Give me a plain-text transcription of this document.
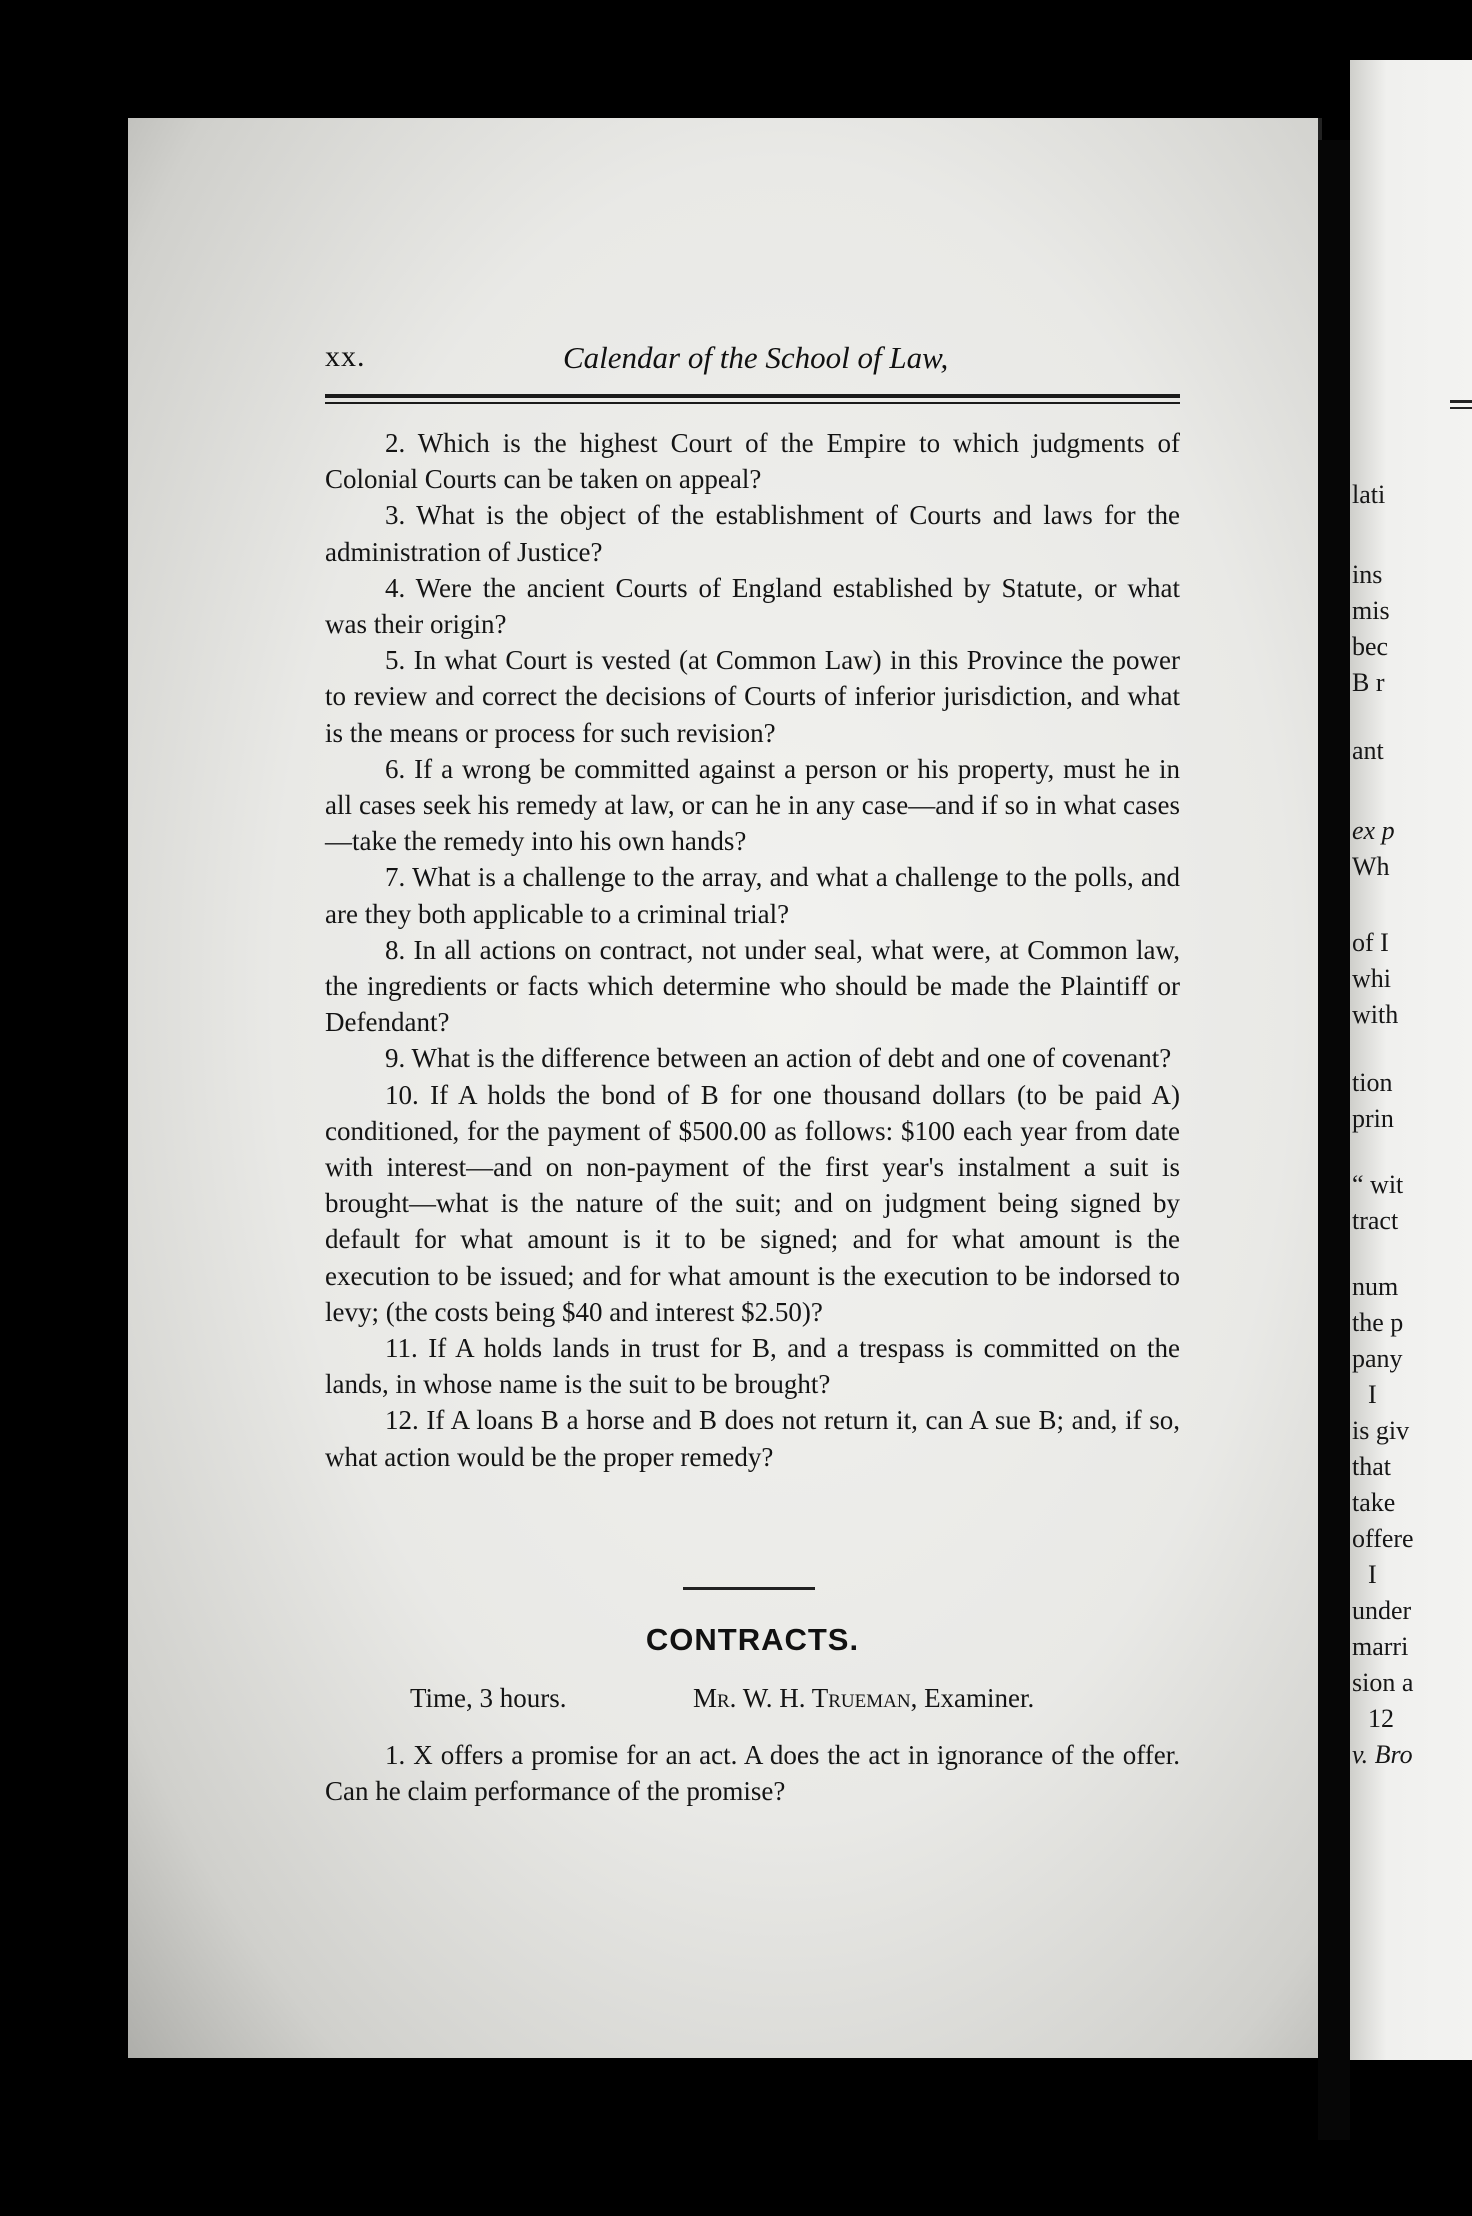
xx.	Calendar of the School of Law,

2. Which is the highest Court of the Empire to which judgments of Colonial Courts can be taken on appeal?

3. What is the object of the establishment of Courts and laws for the administration of Justice?

4. Were the ancient Courts of England established by Statute, or what was their origin?

5. In what Court is vested (at Common Law) in this Province the power to review and correct the decisions of Courts of inferior jurisdiction, and what is the means or process for such revision?

6. If a wrong be committed against a person or his property, must he in all cases seek his remedy at law, or can he in any case—and if so in what cases—take the remedy into his own hands?

7. What is a challenge to the array, and what a challenge to the polls, and are they both applicable to a criminal trial?

8. In all actions on contract, not under seal, what were, at Common law, the ingredients or facts which determine who should be made the Plaintiff or Defendant?

9. What is the difference between an action of debt and one of covenant?

10. If A holds the bond of B for one thousand dollars (to be paid A) conditioned, for the payment of $500.00 as follows: $100 each year from date with interest—and on non-payment of the first year's instalment a suit is brought—what is the nature of the suit; and on judgment being signed by default for what amount is it to be signed; and for what amount is the execution to be issued; and for what amount is the execution to be indorsed to levy; (the costs being $40 and interest $2.50)?

11. If A holds lands in trust for B, and a trespass is committed on the lands, in whose name is the suit to be brought?

12. If A loans B a horse and B does not return it, can A sue B; and, if so, what action would be the proper remedy?

CONTRACTS.
Time, 3 hours.	Mr. W. H. Trueman, Examiner.

1. X offers a promise for an act. A does the act in ignorance of the offer. Can he claim performance of the promise?

lati
ins
mis
bec
B r
ant
ex p
Wh
of I
whi
with
tion
prin
“ wit
tract
num
the p
pany
I
is giv
that
take
offere
I
under
marri
sion a
12
v. Bro
